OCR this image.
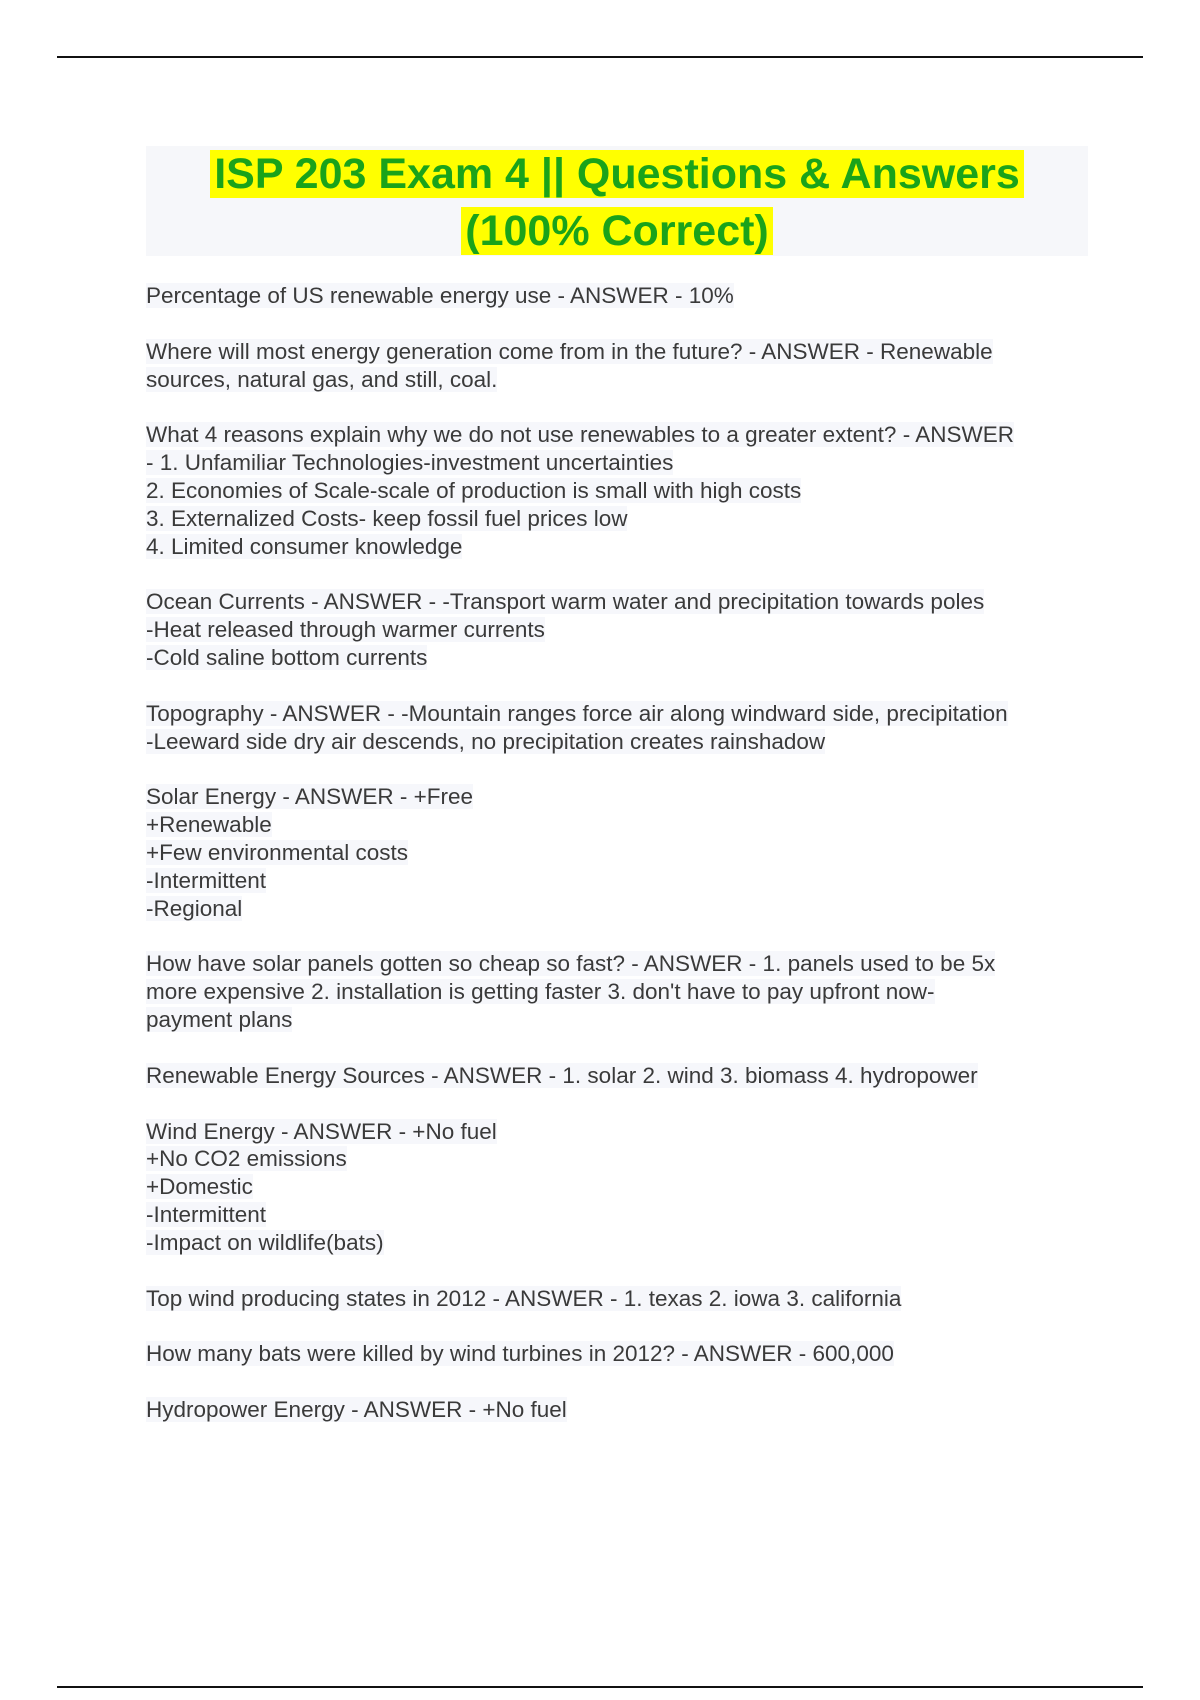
ISP 203 Exam 4 || Questions & Answers
(100% Correct)
Percentage of US renewable energy use - ANSWER - 10%
Where will most energy generation come from in the future? - ANSWER - Renewable
sources, natural gas, and still, coal.
What 4 reasons explain why we do not use renewables to a greater extent? - ANSWER
- 1. Unfamiliar Technologies-investment uncertainties
2. Economies of Scale-scale of production is small with high costs
3. Externalized Costs- keep fossil fuel prices low
4. Limited consumer knowledge
Ocean Currents - ANSWER - -Transport warm water and precipitation towards poles
-Heat released through warmer currents
-Cold saline bottom currents
Topography - ANSWER - -Mountain ranges force air along windward side, precipitation
-Leeward side dry air descends, no precipitation creates rainshadow
Solar Energy - ANSWER - +Free
+Renewable
+Few environmental costs
-Intermittent
-Regional
How have solar panels gotten so cheap so fast? - ANSWER - 1. panels used to be 5x
more expensive 2. installation is getting faster 3. don't have to pay upfront now-
payment plans
Renewable Energy Sources - ANSWER - 1. solar 2. wind 3. biomass 4. hydropower
Wind Energy - ANSWER - +No fuel
+No CO2 emissions
+Domestic
-Intermittent
-Impact on wildlife(bats)
Top wind producing states in 2012 - ANSWER - 1. texas 2. iowa 3. california
How many bats were killed by wind turbines in 2012? - ANSWER - 600,000
Hydropower Energy - ANSWER - +No fuel
